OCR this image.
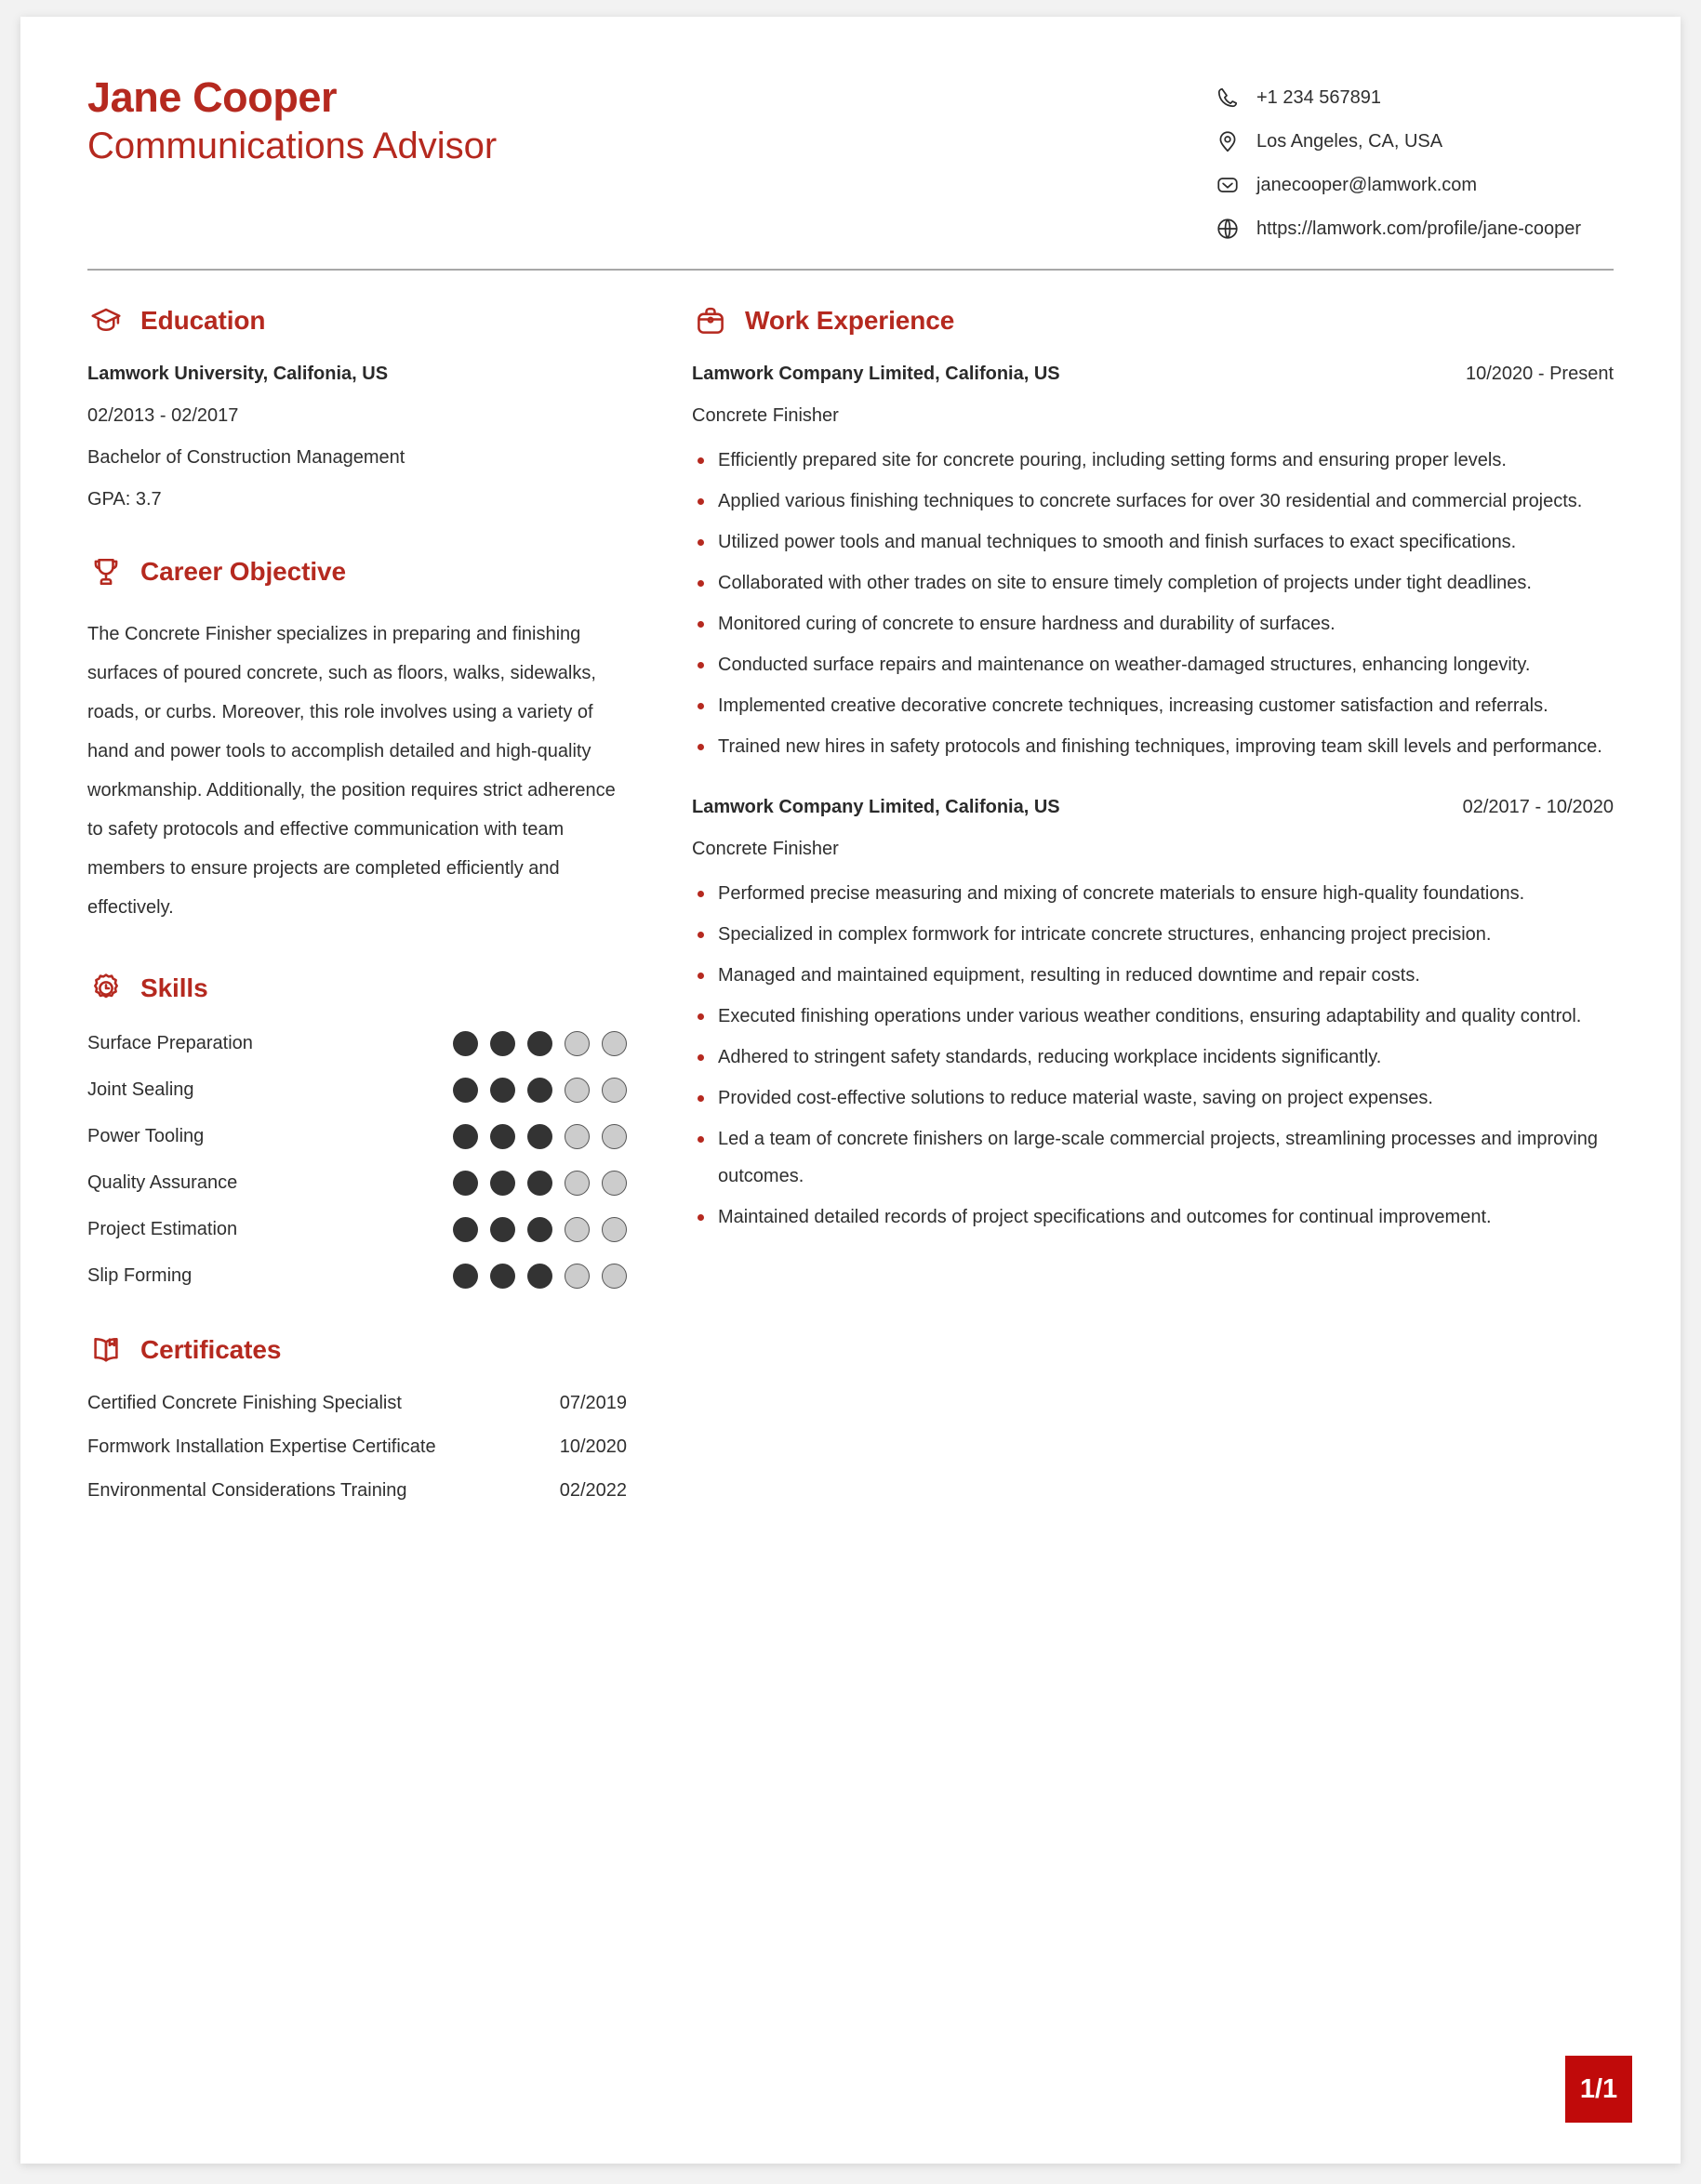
Jane Cooper
Communications Advisor
+1 234 567891
Los Angeles, CA, USA
janecooper@lamwork.com
https://lamwork.com/profile/jane-cooper
Education
Lamwork University, Califonia, US
02/2013 - 02/2017
Bachelor of Construction Management
GPA: 3.7
Career Objective
The Concrete Finisher specializes in preparing and finishing surfaces of poured concrete, such as floors, walks, sidewalks, roads, or curbs. Moreover, this role involves using a variety of hand and power tools to accomplish detailed and high-quality workmanship. Additionally, the position requires strict adherence to safety protocols and effective communication with team members to ensure projects are completed efficiently and effectively.
Skills
Surface Preparation
Joint Sealing
Power Tooling
Quality Assurance
Project Estimation
Slip Forming
Certificates
Certified Concrete Finishing Specialist	07/2019
Formwork Installation Expertise Certificate	10/2020
Environmental Considerations Training	02/2022
Work Experience
Lamwork Company Limited, Califonia, US	10/2020 - Present
Concrete Finisher
Efficiently prepared site for concrete pouring, including setting forms and ensuring proper levels.
Applied various finishing techniques to concrete surfaces for over 30 residential and commercial projects.
Utilized power tools and manual techniques to smooth and finish surfaces to exact specifications.
Collaborated with other trades on site to ensure timely completion of projects under tight deadlines.
Monitored curing of concrete to ensure hardness and durability of surfaces.
Conducted surface repairs and maintenance on weather-damaged structures, enhancing longevity.
Implemented creative decorative concrete techniques, increasing customer satisfaction and referrals.
Trained new hires in safety protocols and finishing techniques, improving team skill levels and performance.
Lamwork Company Limited, Califonia, US	02/2017 - 10/2020
Concrete Finisher
Performed precise measuring and mixing of concrete materials to ensure high-quality foundations.
Specialized in complex formwork for intricate concrete structures, enhancing project precision.
Managed and maintained equipment, resulting in reduced downtime and repair costs.
Executed finishing operations under various weather conditions, ensuring adaptability and quality control.
Adhered to stringent safety standards, reducing workplace incidents significantly.
Provided cost-effective solutions to reduce material waste, saving on project expenses.
Led a team of concrete finishers on large-scale commercial projects, streamlining processes and improving outcomes.
Maintained detailed records of project specifications and outcomes for continual improvement.
1/1
